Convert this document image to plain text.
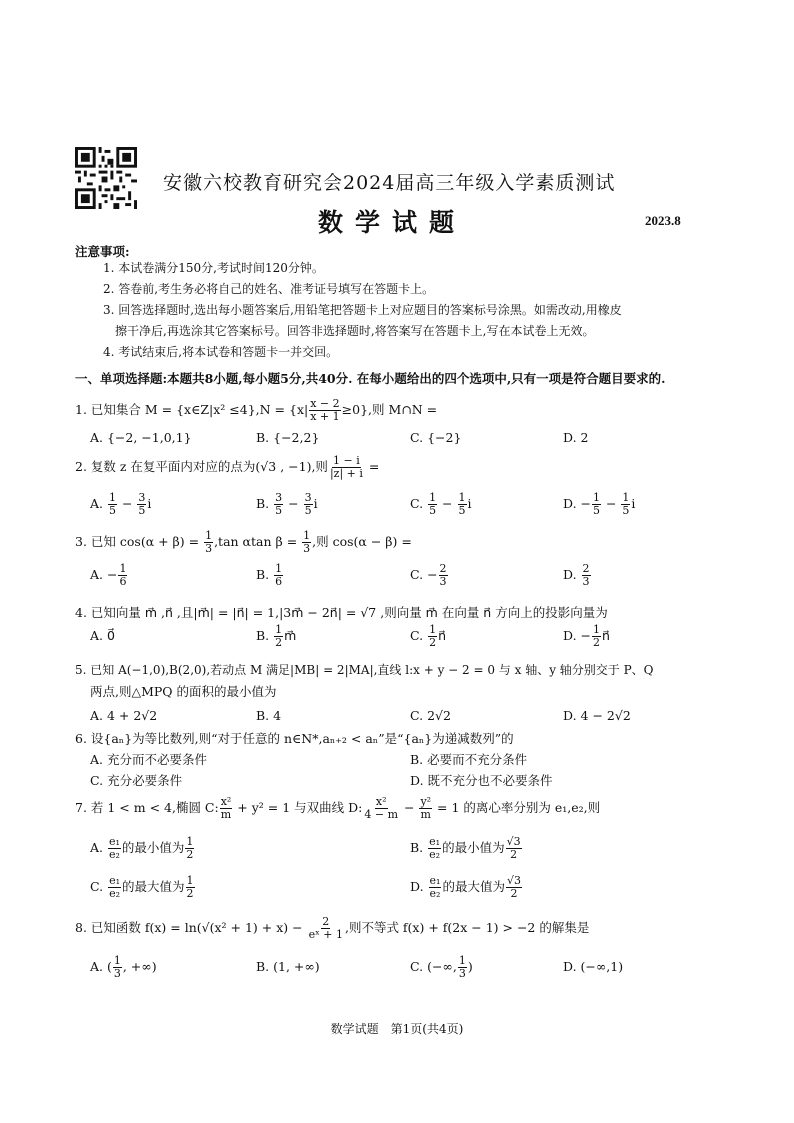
安徽六校教育研究会2024届高三年级入学素质测试
数学试题	2023.8
注意事项:
1. 本试卷满分150分,考试时间120分钟。
2. 答卷前,考生务必将自己的姓名、准考证号填写在答题卡上。
3. 回答选择题时,选出每小题答案后,用铅笔把答题卡上对应题目的答案标号涂黑。如需改动,用橡皮
擦干净后,再选涂其它答案标号。回答非选择题时,将答案写在答题卡上,写在本试卷上无效。
4. 考试结束后,将本试卷和答题卡一并交回。
一、单项选择题:本题共8小题,每小题5分,共40分. 在每小题给出的四个选项中,只有一项是符合题目要求的.
1. 已知集合 M = {x∈Z|x² $\le 4\},N = \{x| \frac{x - 2}{x + 1} \ge 0\}$,则 M∩N =
A. {−2, −1,0,1}	B. {−2,2}	C. {−2}	D. 2
2. 复数 z 在复平面内对应的点为(√3 , −1),则 $\frac{1 - i}{|z| + i}$ =
A. $\frac{1}{5} - \frac{3}{5}$ i	B. $\frac{3}{5} - \frac{3}{5}$ i	C. $\frac{1}{5} - \frac{1}{5}$ i	D. − $\frac{1}{5} - \frac{1}{5}$ i
3. 已知 $\cos(\alpha + \beta) = \frac{1}{3} ,\tan$ αtan $\beta = \frac{1}{3}$ ,则 cos(α − β) =
A. − $\frac{1}{6}$	B. $\frac{1}{6}$	C. − $\frac{2}{3}$	D. $\frac{2}{3}$
4. 已知向量 m⃗ ,n⃗ ,且|m⃗| = |n⃗| = 1,|3m⃗ − 2n⃗| = √7 ,则向量 m⃗ 在向量 n⃗ 方向上的投影向量为
A. 0⃗	B. $\frac{1}{2}$ m⃗	C. $\frac{1}{2}$ n⃗	D. − $\frac{1}{2}$ n⃗
5. 已知 A(−1,0),B(2,0),若动点 M 满足|MB| = 2|MA|,直线 l:x + y − 2 = 0 与 x 轴、y 轴分别交于 P、Q
两点,则△MPQ 的面积的最小值为
A. 4 + 2√2	B. 4	C. 2√2	D. 4 − 2√2
6. 设{aₙ}为等比数列,则“对于任意的 n∈N*,aₙ₊₂ < aₙ”是“{aₙ}为递减数列”的
A. 充分而不必要条件	B. 必要而不充分条件
C. 充分必要条件	D. 既不充分也不必要条件
7. 若 1 < m < 4,椭圆 C: $\frac{\text{x²}}{m} + y^2 = 1$ 与双曲线 D: $\frac{\text{x²}}{4 - m} - \frac{\text{y²}}{m} = 1$ 的离心率分别为 e₁,e₂,则
A. $\frac{\text{e₁}}{\text{e₂}}$ 的最小值为 $\frac{1}{2}$	B. $\frac{\text{e₁}}{\text{e₂}}$ 的最小值为 $\frac{√3}{2}$
C. $\frac{\text{e₁}}{\text{e₂}}$ 的最大值为 $\frac{1}{2}$	D. $\frac{\text{e₁}}{\text{e₂}}$ 的最大值为 $\frac{√3}{2}$
8. 已知函数 $f(x) = \ln(√(x^2 + 1) + x) - \frac{2}{\text{eˣ + 1}}$ ,则不等式 f(x) + f(2x − 1) > −2 的解集是
A. ( $\frac{1}{3}$ , +∞)	B. (1, +∞)	C. (−∞, $\frac{1}{3}$ )	D. (−∞,1)
数学试题　第1页(共4页)
